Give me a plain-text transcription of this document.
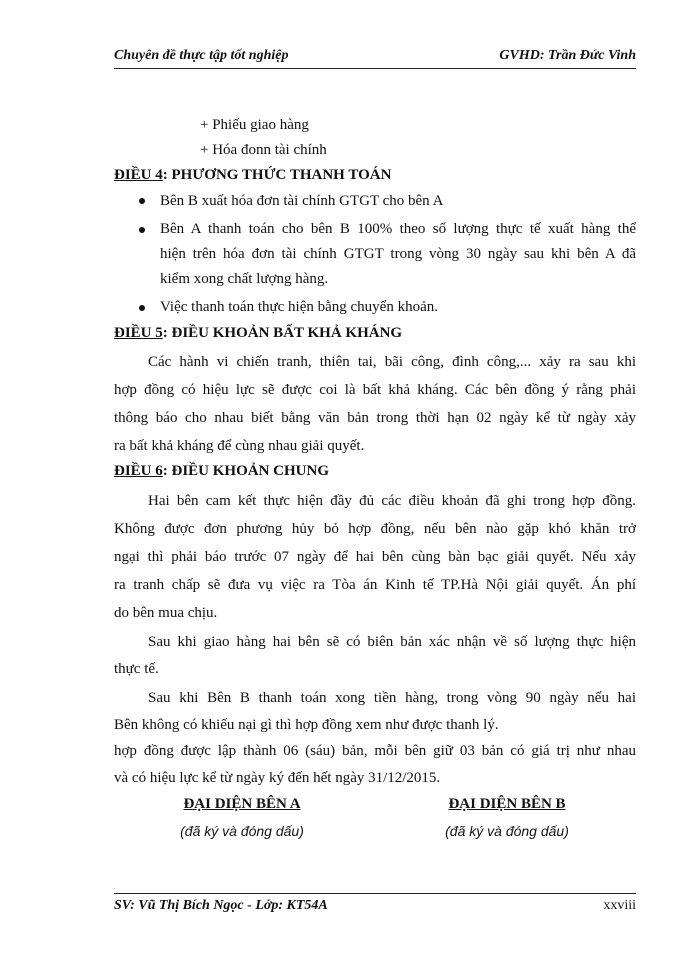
Chuyên đề thực tập tốt nghiệp	GVHD: Trần Đức Vinh
+ Phiếu giao hàng
+ Hóa đonn tài chính
ĐIỀU 4: PHƯƠNG THỨC THANH TOÁN
Bên B xuất hóa đơn tài chính GTGT cho bên A
Bên A thanh toán cho bên B 100% theo số lượng thực tế xuất hàng thể
hiện trên hóa đơn tài chính GTGT trong vòng 30 ngày sau khi bên A đã
kiểm xong chất lượng hàng.
Việc thanh toán thực hiện bằng chuyển khoản.
ĐIỀU 5: ĐIỀU KHOẢN BẤT KHẢ KHÁNG
Các hành vi chiến tranh, thiên tai, bãi công, đình công,... xảy ra sau khi
hợp đồng có hiệu lực sẽ được coi là bất khả kháng. Các bên đồng ý rằng phải
thông báo cho nhau biết bằng văn bản trong thời hạn 02 ngày kể từ ngày xảy
ra bất khả kháng để cùng nhau giải quyết.
ĐIỀU 6: ĐIỀU KHOẢN CHUNG
Hai bên cam kết thực hiện đầy đủ các điều khoản đã ghi trong hợp đồng.
Không được đơn phương hủy bỏ hợp đồng, nếu bên nào gặp khó khăn trở
ngại thì phải báo trước 07 ngày để hai bên cùng bàn bạc giải quyết. Nếu xảy
ra tranh chấp sẽ đưa vụ việc ra Tòa án Kinh tế TP.Hà Nội giải quyết. Án phí
do bên mua chịu.
Sau khi giao hàng hai bên sẽ có biên bản xác nhận về số lượng thực hiện
thực tế.
Sau khi Bên B thanh toán xong tiền hàng, trong vòng 90 ngày nếu hai
Bên không có khiếu nại gì thì hợp đồng xem như được thanh lý.
hợp đồng được lập thành 06 (sáu) bản, mỗi bên giữ 03 bản có giá trị như nhau
và có hiệu lực kể từ ngày ký đến hết ngày 31/12/2015.
ĐẠI DIỆN BÊN A
(đã ký và đóng dấu)
ĐẠI DIỆN BÊN B
(đã ký và đóng dấu)
SV: Vũ Thị Bích Ngọc - Lớp: KT54A	xxviii
